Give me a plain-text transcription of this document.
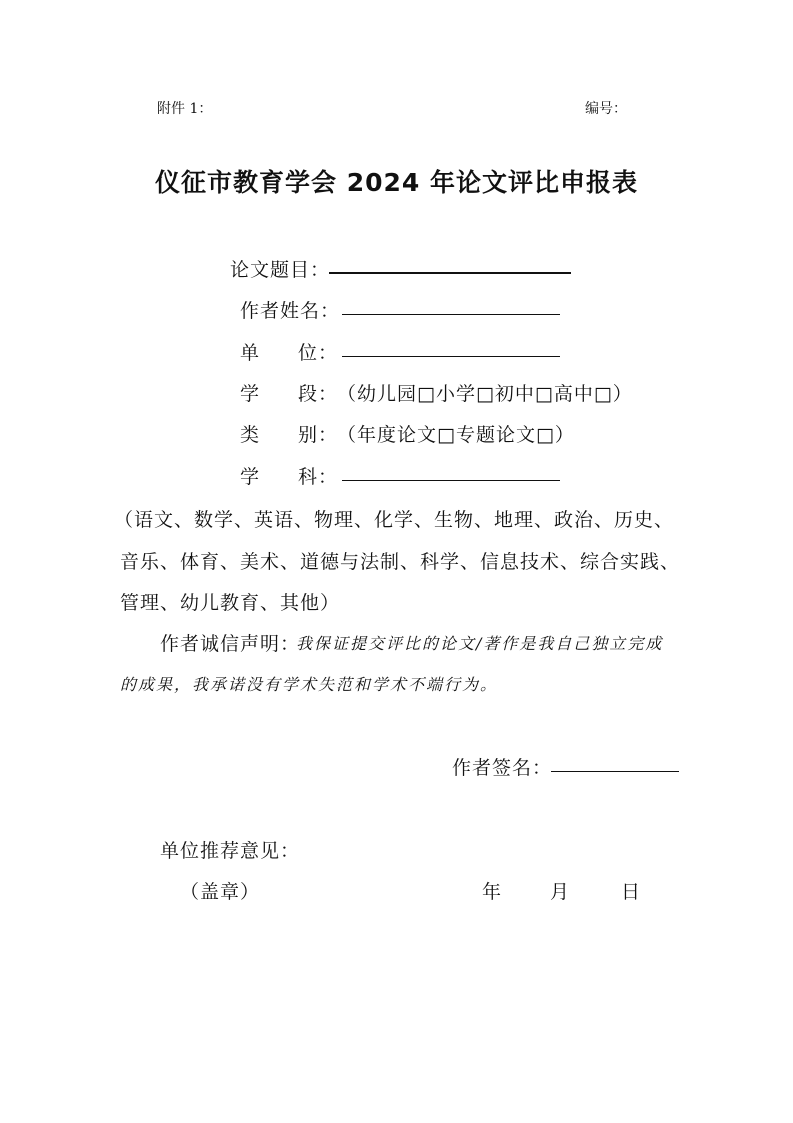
附件 1：	编号：
仪征市教育学会 2024 年论文评比申报表
论文题目：
作者姓名：
单 位：
学 段：
（幼儿园□小学□初中□高中□）
类 别：
（年度论文□专题论文□）
学 科：
（语文、数学、英语、物理、化学、生物、地理、政治、历史、
音乐、体育、美术、道德与法制、科学、信息技术、综合实践、
管理、幼儿教育、其他）
作者诚信声明：
我保证提交评比的论文/著作是我自己独立完成
的成果，我承诺没有学术失范和学术不端行为。
作者签名：
单位推荐意见：
（盖章）	年	月	日
